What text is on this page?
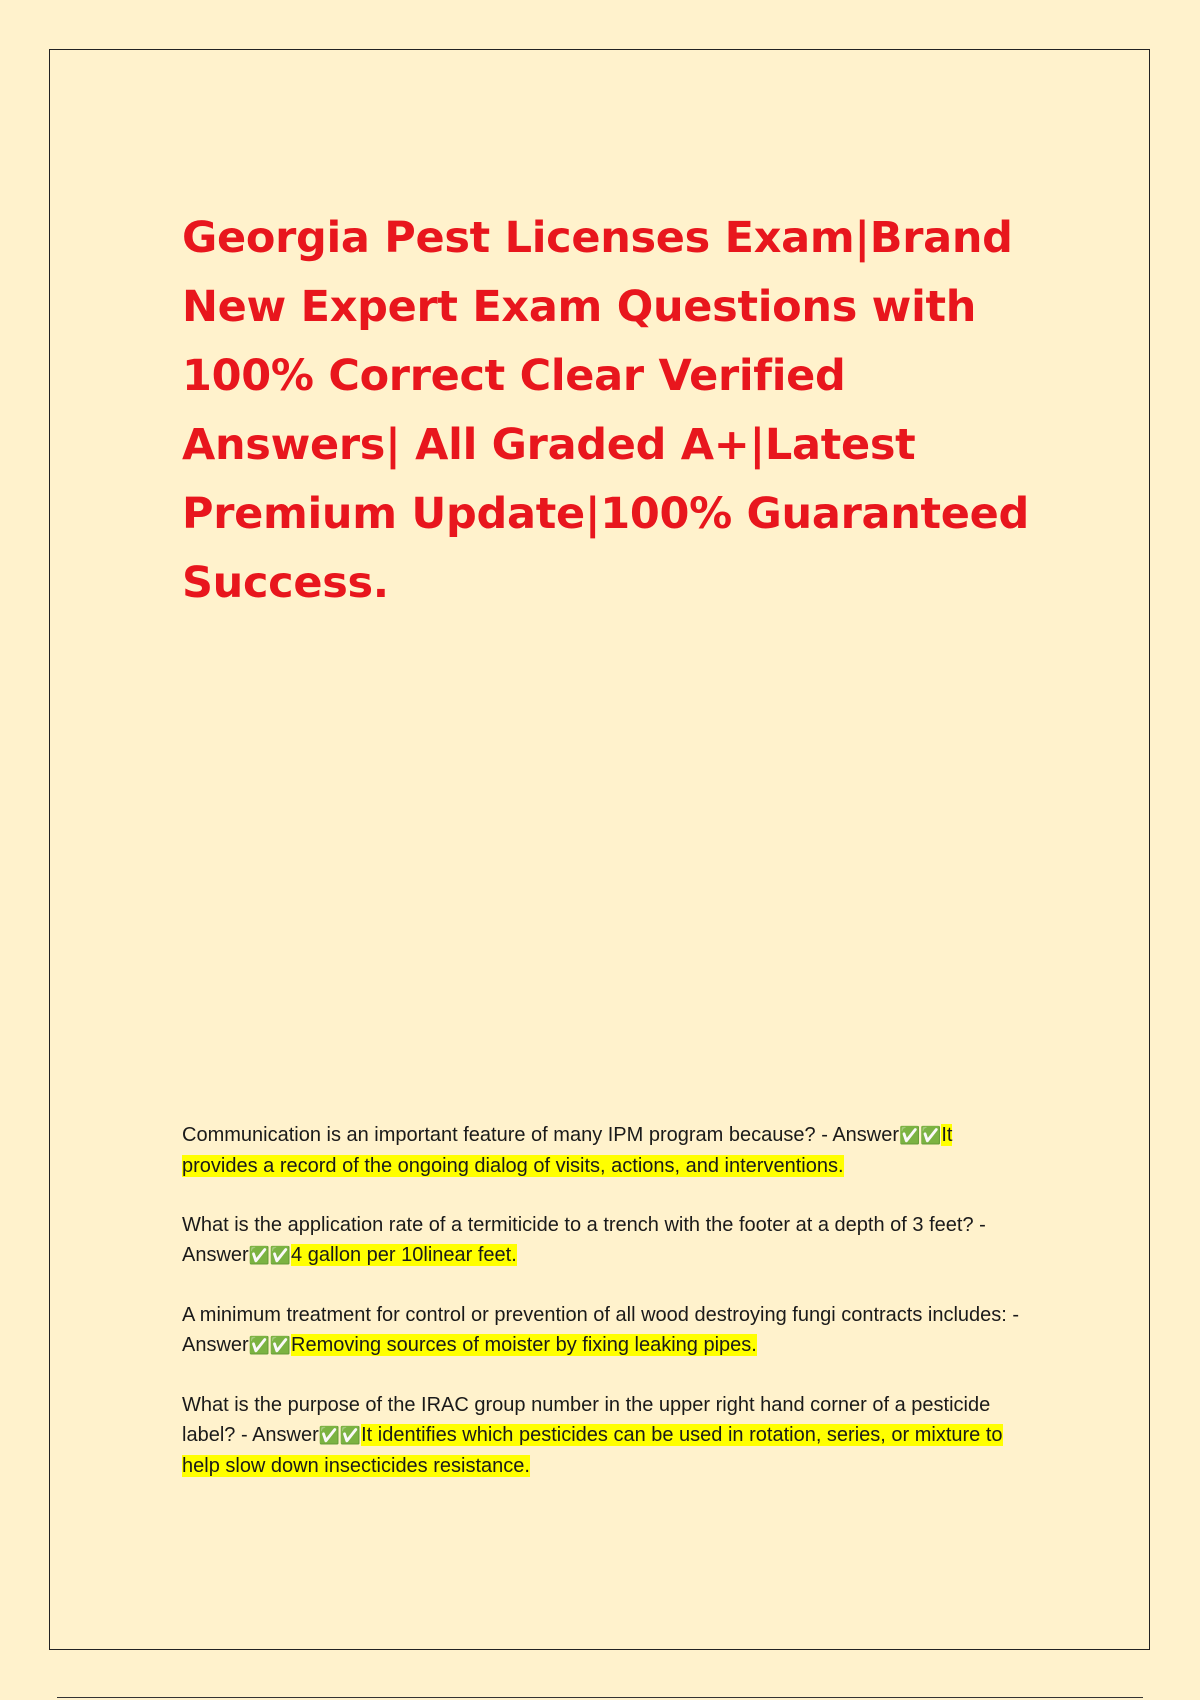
Georgia Pest Licenses Exam|Brand New Expert Exam Questions with 100% Correct Clear Verified Answers| All Graded A+|Latest Premium Update|100% Guaranteed Success.

Communication is an important feature of many IPM program because? - Answer✅✅It provides a record of the ongoing dialog of visits, actions, and interventions.

What is the application rate of a termiticide to a trench with the footer at a depth of 3 feet? - Answer✅✅4 gallon per 10linear feet.

A minimum treatment for control or prevention of all wood destroying fungi contracts includes: - Answer✅✅Removing sources of moister by fixing leaking pipes.

What is the purpose of the IRAC group number in the upper right hand corner of a pesticide label? - Answer✅✅It identifies which pesticides can be used in rotation, series, or mixture to help slow down insecticides resistance.
